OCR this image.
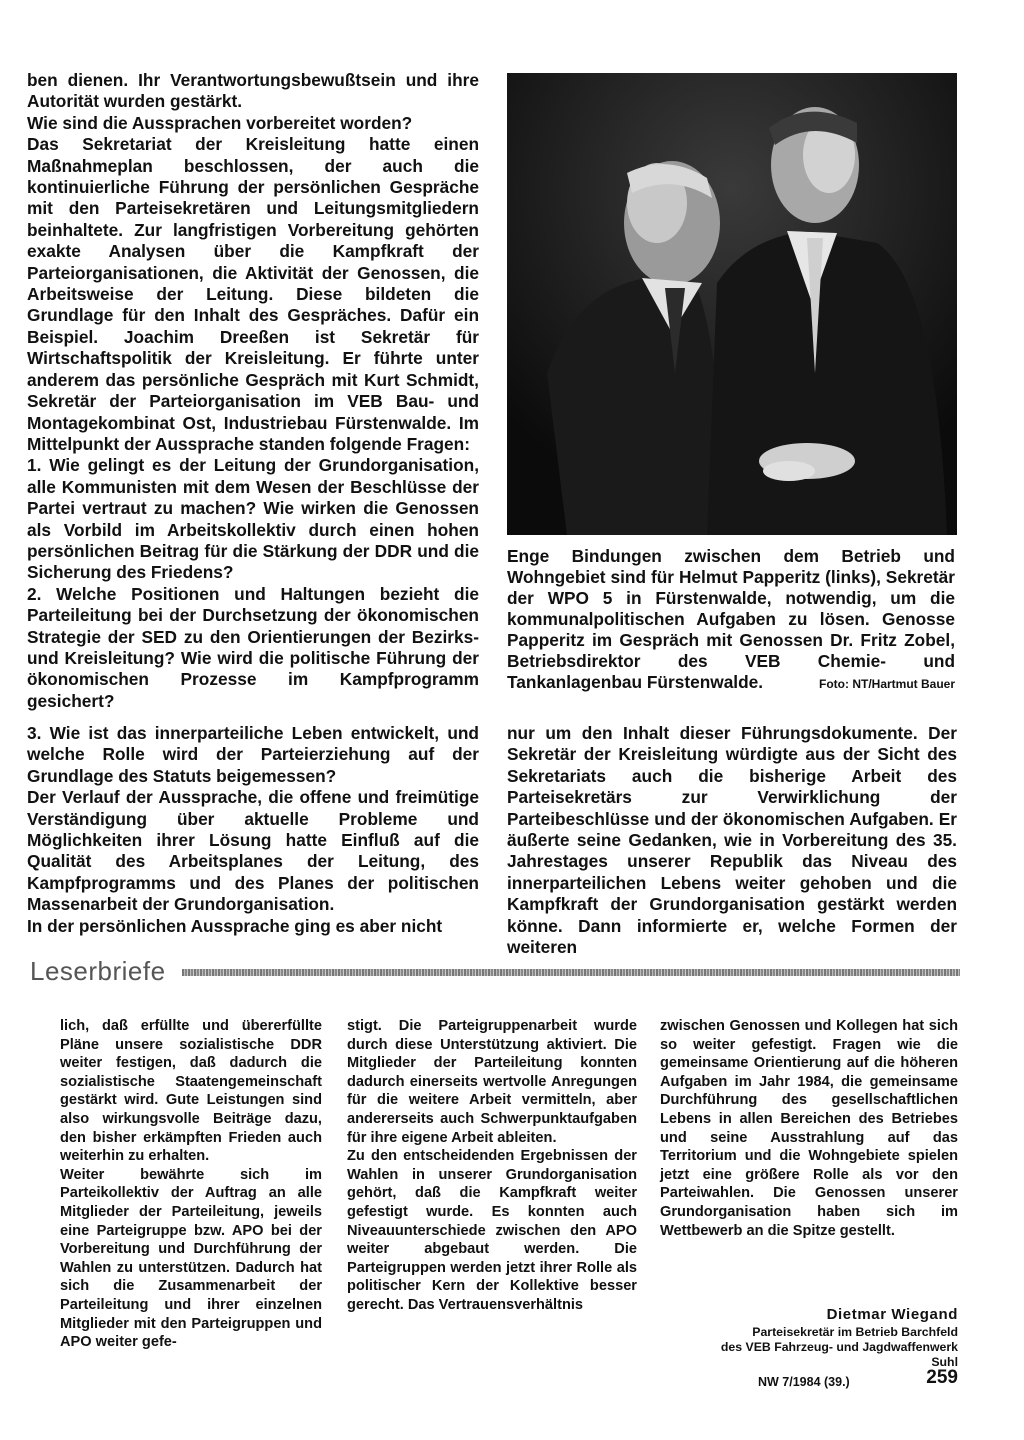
ben dienen. Ihr Verantwortungsbewußtsein und ihre Autorität wurden gestärkt.
Wie sind die Aussprachen vorbereitet worden?
Das Sekretariat der Kreisleitung hatte einen Maßnahmeplan beschlossen, der auch die kontinuierliche Führung der persönlichen Gespräche mit den Parteisekretären und Leitungsmitgliedern beinhaltete. Zur langfristigen Vorbereitung gehörten exakte Analysen über die Kampfkraft der Parteiorganisationen, die Aktivität der Genossen, die Arbeitsweise der Leitung. Diese bildeten die Grundlage für den Inhalt des Gespräches. Dafür ein Beispiel. Joachim Dreeßen ist Sekretär für Wirtschaftspolitik der Kreisleitung. Er führte unter anderem das persönliche Gespräch mit Kurt Schmidt, Sekretär der Parteiorganisation im VEB Bau- und Montagekombinat Ost, Industriebau Fürstenwalde. Im Mittelpunkt der Aussprache standen folgende Fragen:
1. Wie gelingt es der Leitung der Grundorganisation, alle Kommunisten mit dem Wesen der Beschlüsse der Partei vertraut zu machen? Wie wirken die Genossen als Vorbild im Arbeitskollektiv durch einen hohen persönlichen Beitrag für die Stärkung der DDR und die Sicherung des Friedens?
2. Welche Positionen und Haltungen bezieht die Parteileitung bei der Durchsetzung der ökonomischen Strategie der SED zu den Orientierungen der Bezirks- und Kreisleitung? Wie wird die politische Führung der ökonomischen Prozesse im Kampfprogramm gesichert?

Enge Bindungen zwischen dem Betrieb und Wohngebiet sind für Helmut Papperitz (links), Sekretär der WPO 5 in Fürstenwalde, notwendig, um die kommunalpolitischen Aufgaben zu lösen. Genosse Papperitz im Gespräch mit Genossen Dr. Fritz Zobel, Betriebsdirektor des VEB Chemie- und Tankanlagenbau Fürstenwalde.	Foto: NT/Hartmut Bauer

3. Wie ist das innerparteiliche Leben entwickelt, und welche Rolle wird der Parteierziehung auf der Grundlage des Statuts beigemessen?
Der Verlauf der Aussprache, die offene und freimütige Verständigung über aktuelle Probleme und Möglichkeiten ihrer Lösung hatte Einfluß auf die Qualität des Arbeitsplanes der Leitung, des Kampfprogramms und des Planes der politischen Massenarbeit der Grundorganisation.
In der persönlichen Aussprache ging es aber nicht

nur um den Inhalt dieser Führungsdokumente. Der Sekretär der Kreisleitung würdigte aus der Sicht des Sekretariats auch die bisherige Arbeit des Parteisekretärs zur Verwirklichung der Parteibeschlüsse und der ökonomischen Aufgaben. Er äußerte seine Gedanken, wie in Vorbereitung des 35. Jahrestages unserer Republik das Niveau des innerparteilichen Lebens weiter gehoben und die Kampfkraft der Grundorganisation gestärkt werden könne. Dann informierte er, welche Formen der weiteren

Leserbriefe

lich, daß erfüllte und übererfüllte Pläne unsere sozialistische DDR weiter festigen, daß dadurch die sozialistische Staatengemeinschaft gestärkt wird. Gute Leistungen sind also wirkungsvolle Beiträge dazu, den bisher erkämpften Frieden auch weiterhin zu erhalten.
Weiter bewährte sich im Parteikollektiv der Auftrag an alle Mitglieder der Parteileitung, jeweils eine Parteigruppe bzw. APO bei der Vorbereitung und Durchführung der Wahlen zu unterstützen. Dadurch hat sich die Zusammenarbeit der Parteileitung und ihrer einzelnen Mitglieder mit den Parteigruppen und APO weiter gefe-

stigt. Die Parteigruppenarbeit wurde durch diese Unterstützung aktiviert. Die Mitglieder der Parteileitung konnten dadurch einerseits wertvolle Anregungen für die weitere Arbeit vermitteln, aber andererseits auch Schwerpunktaufgaben für ihre eigene Arbeit ableiten.
Zu den entscheidenden Ergebnissen der Wahlen in unserer Grundorganisation gehört, daß die Kampfkraft weiter gefestigt wurde. Es konnten auch Niveauunterschiede zwischen den APO weiter abgebaut werden. Die Parteigruppen werden jetzt ihrer Rolle als politischer Kern der Kollektive besser gerecht. Das Vertrauensverhältnis

zwischen Genossen und Kollegen hat sich so weiter gefestigt. Fragen wie die gemeinsame Orientierung auf die höheren Aufgaben im Jahr 1984, die gemeinsame Durchführung des gesellschaftlichen Lebens in allen Bereichen des Betriebes und seine Ausstrahlung auf das Territorium und die Wohngebiete spielen jetzt eine größere Rolle als vor den Parteiwahlen. Die Genossen unserer Grundorganisation haben sich im Wettbewerb an die Spitze gestellt.

Dietmar Wiegand
Parteisekretär im Betrieb Barchfeld
des VEB Fahrzeug- und Jagdwaffenwerk
Suhl
NW 7/1984 (39.)	259
